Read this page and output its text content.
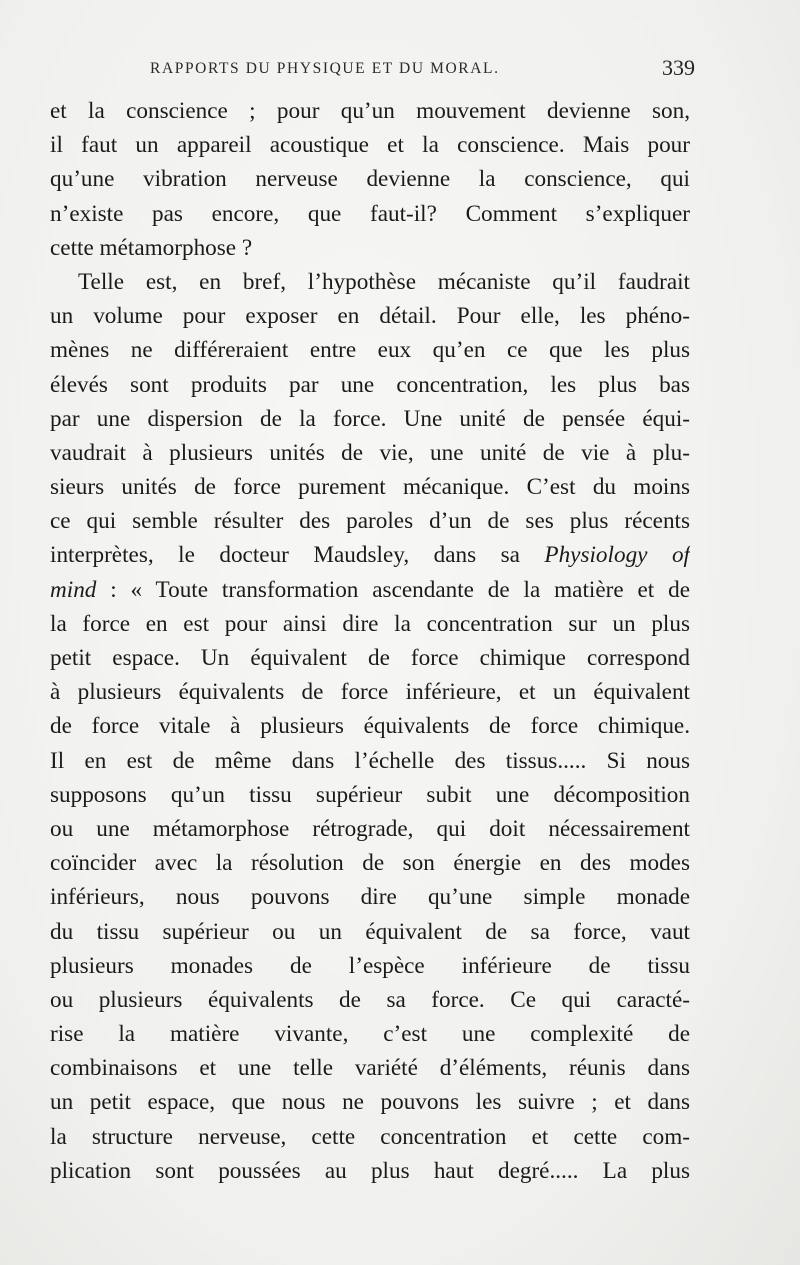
RAPPORTS DU PHYSIQUE ET DU MORAL.	339
et la conscience ; pour qu’un mouvement devienne son,
il faut un appareil acoustique et la conscience. Mais pour
qu’une vibration nerveuse devienne la conscience, qui
n’existe pas encore, que faut-il? Comment s’expliquer
cette métamorphose ?
Telle est, en bref, l’hypothèse mécaniste qu’il faudrait
un volume pour exposer en détail. Pour elle, les phéno-
mènes ne différeraient entre eux qu’en ce que les plus
élevés sont produits par une concentration, les plus bas
par une dispersion de la force. Une unité de pensée équi-
vaudrait à plusieurs unités de vie, une unité de vie à plu-
sieurs unités de force purement mécanique. C’est du moins
ce qui semble résulter des paroles d’un de ses plus récents
interprètes, le docteur Maudsley, dans sa Physiology of
mind : « Toute transformation ascendante de la matière et de
la force en est pour ainsi dire la concentration sur un plus
petit espace. Un équivalent de force chimique correspond
à plusieurs équivalents de force inférieure, et un équivalent
de force vitale à plusieurs équivalents de force chimique.
Il en est de même dans l’échelle des tissus..... Si nous
supposons qu’un tissu supérieur subit une décomposition
ou une métamorphose rétrograde, qui doit nécessairement
coïncider avec la résolution de son énergie en des modes
inférieurs, nous pouvons dire qu’une simple monade
du tissu supérieur ou un équivalent de sa force, vaut
plusieurs monades de l’espèce inférieure de tissu
ou plusieurs équivalents de sa force. Ce qui caracté-
rise la matière vivante, c’est une complexité de
combinaisons et une telle variété d’éléments, réunis dans
un petit espace, que nous ne pouvons les suivre ; et dans
la structure nerveuse, cette concentration et cette com-
plication sont poussées au plus haut degré..... La plus
